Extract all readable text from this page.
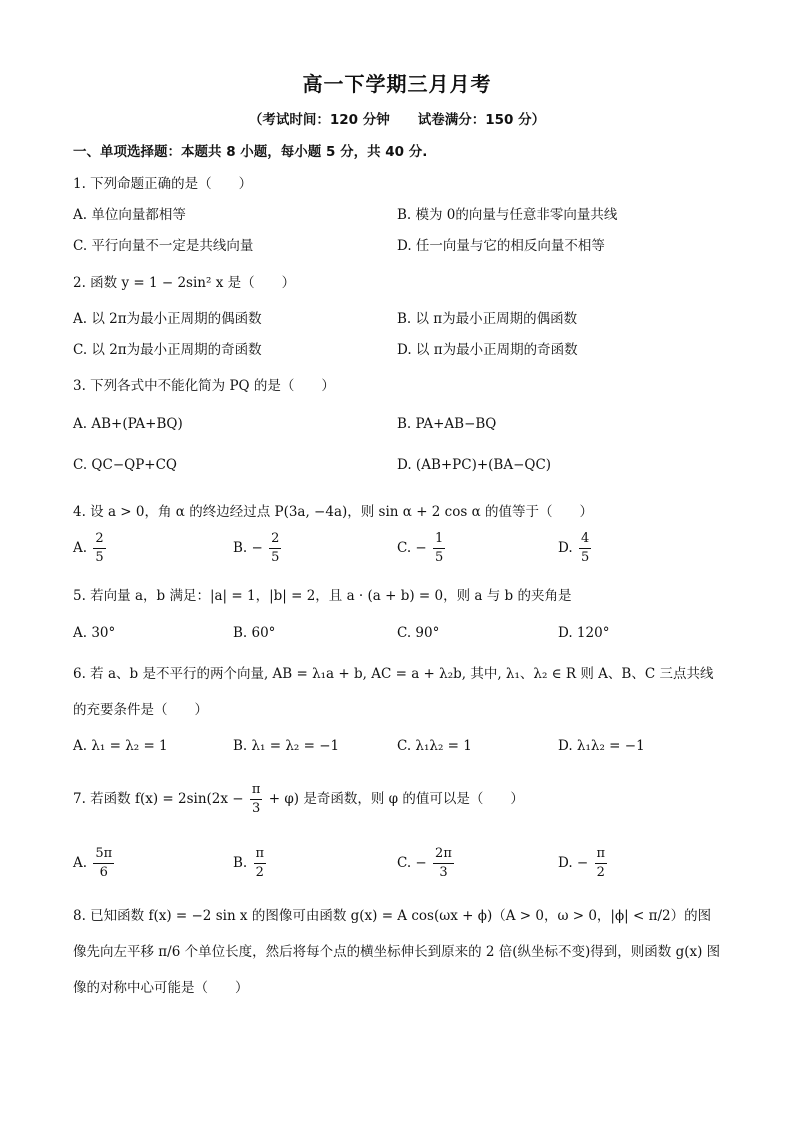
高一下学期三月月考
（考试时间：120 分钟 试卷满分：150 分）
一、单项选择题：本题共 8 小题，每小题 5 分，共 40 分.
1. 下列命题正确的是（　　）
A. 单位向量都相等	B. 模为 0的向量与任意非零向量共线
C. 平行向量不一定是共线向量	D. 任一向量与它的相反向量不相等
2. 函数 y = 1 − 2sin² x 是（　　）
A. 以 2π为最小正周期的偶函数	B. 以 π为最小正周期的偶函数
C. 以 2π为最小正周期的奇函数	D. 以 π为最小正周期的奇函数
3. 下列各式中不能化简为 PQ 的是（　　）
A. AB+(PA+BQ)	B. PA+AB−BQ
C. QC−QP+CQ	D. (AB+PC)+(BA−QC)
4. 设 a > 0，角 α 的终边经过点 P(3a, −4a)，则 sin α + 2 cos α 的值等于（　　）
A. $\frac{2}{5}$	B. − $\frac{2}{5}$	C. − $\frac{1}{5}$	D. $\frac{4}{5}$
5. 若向量 a，b 满足：|a| = 1，|b| = 2，且 a · (a + b) = 0，则 a 与 b 的夹角是
A. 30°	B. 60°	C. 90°	D. 120°
6. 若 a、b 是不平行的两个向量, AB = λ₁a + b, AC = a + λ₂b, 其中, λ₁、λ₂ ∈ R 则 A、B、C 三点共线的充要条件是（　　）
A. λ₁ = λ₂ = 1	B. λ₁ = λ₂ = −1	C. λ₁λ₂ = 1	D. λ₁λ₂ = −1
7. 若函数 $f(x) = 2\sin(2x - \frac{\pi}{3} + \varphi)$ 是奇函数，则 φ 的值可以是（　　）
A. $\frac{5\pi}{6}$	B. $\frac{\pi}{2}$	C. − $\frac{2\pi}{3}$	D. − $\frac{\pi}{2}$
8. 已知函数 f(x) = −2 sin x 的图像可由函数 g(x) = A cos(ωx + ϕ)（A > 0，ω > 0，|ϕ| < π/2）的图像先向左平移 π/6 个单位长度，然后将每个点的横坐标伸长到原来的 2 倍(纵坐标不变)得到，则函数 g(x) 图像的对称中心可能是（　　）
